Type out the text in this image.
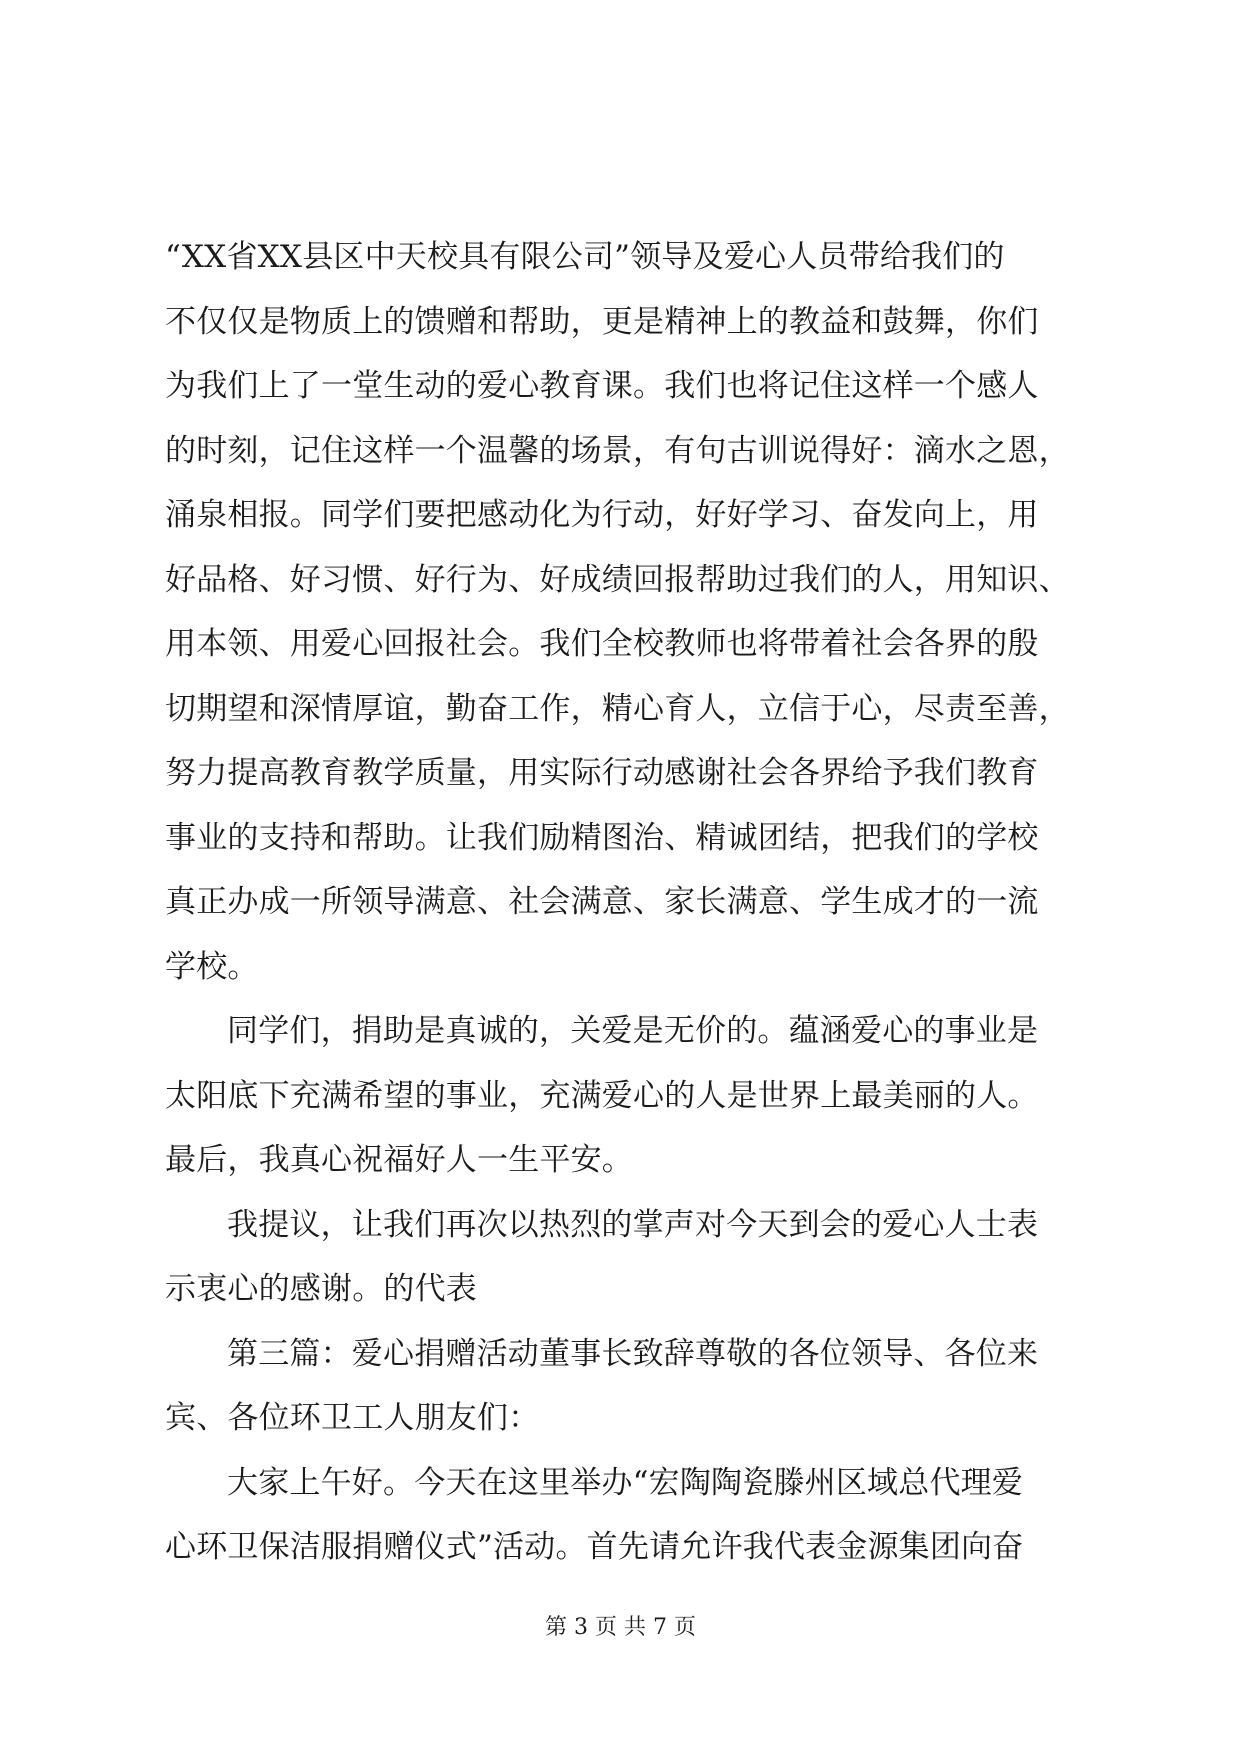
“XX省XX县区中天校具有限公司”领导及爱心人员带给我们的
不仅仅是物质上的馈赠和帮助，更是精神上的教益和鼓舞，你们
为我们上了一堂生动的爱心教育课。我们也将记住这样一个感人
的时刻，记住这样一个温馨的场景，有句古训说得好：滴水之恩，
涌泉相报。同学们要把感动化为行动，好好学习、奋发向上，用
好品格、好习惯、好行为、好成绩回报帮助过我们的人，用知识、
用本领、用爱心回报社会。我们全校教师也将带着社会各界的殷
切期望和深情厚谊，勤奋工作，精心育人，立信于心，尽责至善，
努力提高教育教学质量，用实际行动感谢社会各界给予我们教育
事业的支持和帮助。让我们励精图治、精诚团结，把我们的学校
真正办成一所领导满意、社会满意、家长满意、学生成才的一流
学校。
同学们，捐助是真诚的，关爱是无价的。蕴涵爱心的事业是
太阳底下充满希望的事业，充满爱心的人是世界上最美丽的人。
最后，我真心祝福好人一生平安。
我提议，让我们再次以热烈的掌声对今天到会的爱心人士表
示衷心的感谢。的代表
第三篇：爱心捐赠活动董事长致辞尊敬的各位领导、各位来
宾、各位环卫工人朋友们：
大家上午好。今天在这里举办“宏陶陶瓷滕州区域总代理爱
心环卫保洁服捐赠仪式”活动。首先请允许我代表金源集团向奋
第 3 页 共 7 页
